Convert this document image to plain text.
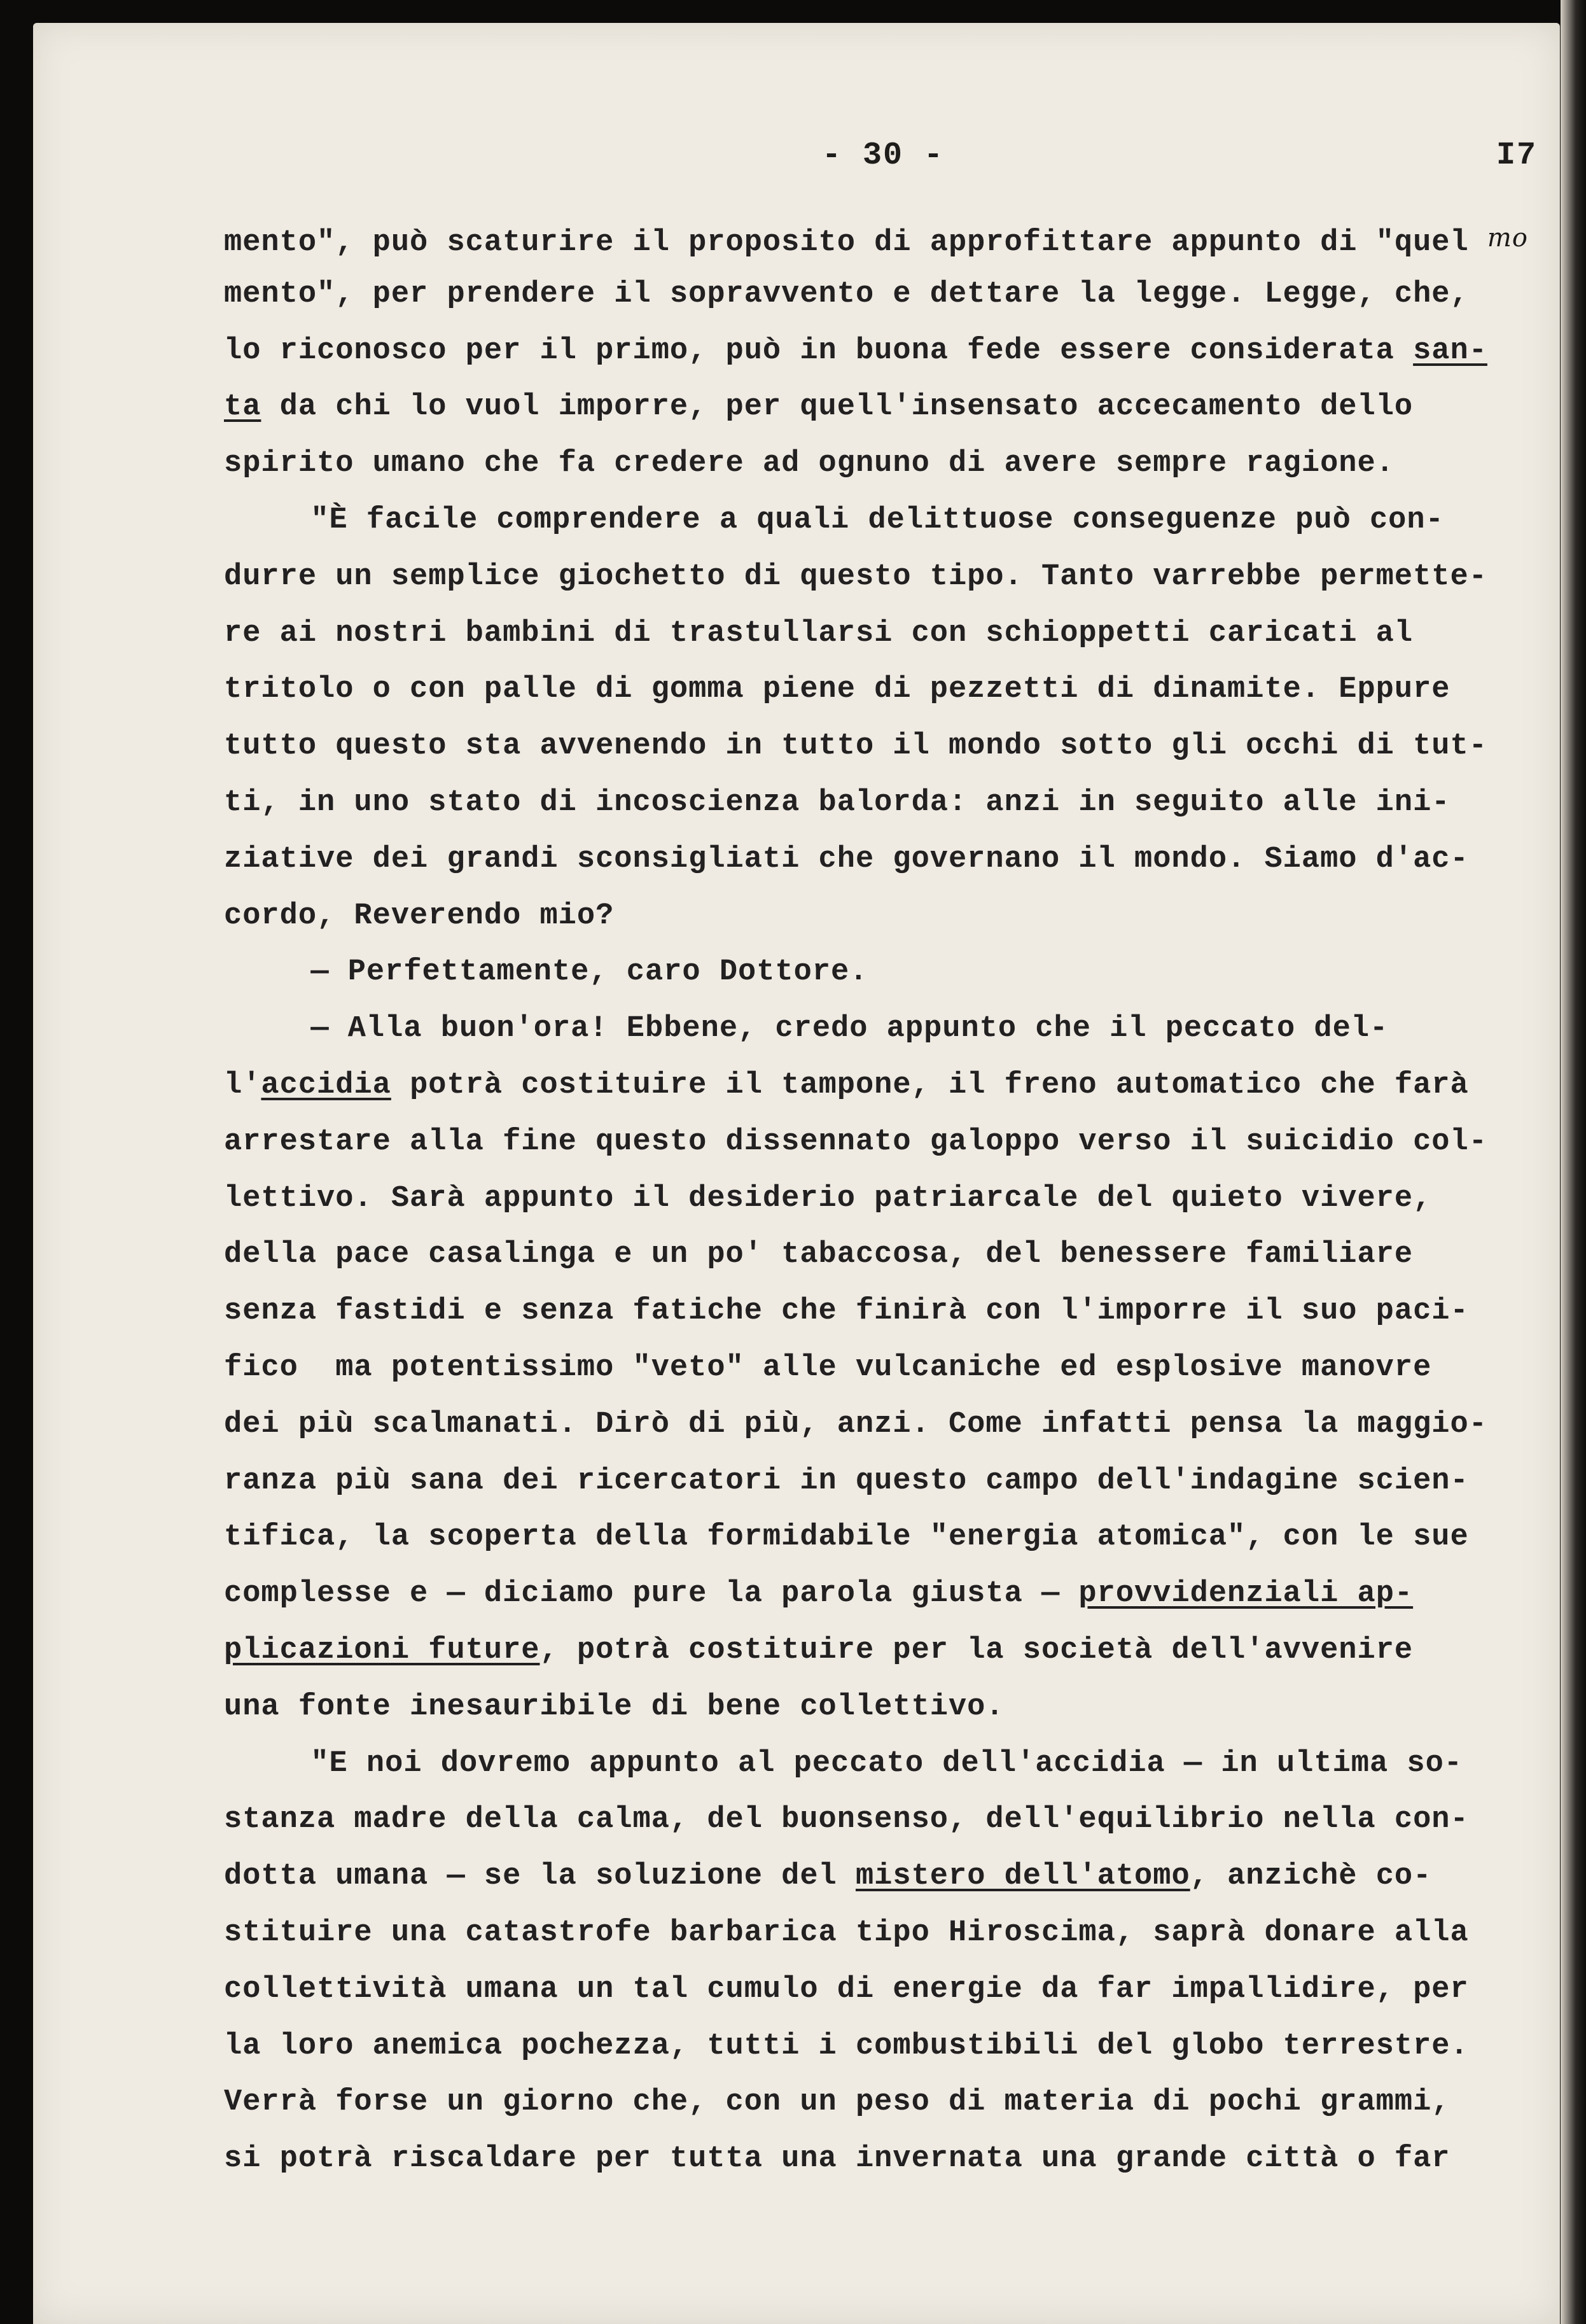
- 30 -	I7
mento", può scaturire il proposito di approfittare appunto di "quel mo
mento", per prendere il sopravvento e dettare la legge. Legge, che,
lo riconosco per il primo, può in buona fede essere considerata san-
ta da chi lo vuol imporre, per quell'insensato accecamento dello
spirito umano che fa credere ad ognuno di avere sempre ragione.
"È facile comprendere a quali delittuose conseguenze può con-
durre un semplice giochetto di questo tipo. Tanto varrebbe permette-
re ai nostri bambini di trastullarsi con schioppetti caricati al
tritolo o con palle di gomma piene di pezzetti di dinamite. Eppure
tutto questo sta avvenendo in tutto il mondo sotto gli occhi di tut-
ti, in uno stato di incoscienza balorda: anzi in seguito alle ini-
ziative dei grandi sconsigliati che governano il mondo. Siamo d'ac-
cordo, Reverendo mio?
— Perfettamente, caro Dottore.
— Alla buon'ora! Ebbene, credo appunto che il peccato del-
l'accidia potrà costituire il tampone, il freno automatico che farà
arrestare alla fine questo dissennato galoppo verso il suicidio col-
lettivo. Sarà appunto il desiderio patriarcale del quieto vivere,
della pace casalinga e un po' tabaccosa, del benessere familiare
senza fastidi e senza fatiche che finirà con l'imporre il suo paci-
fico  ma potentissimo "veto" alle vulcaniche ed esplosive manovre
dei più scalmanati. Dirò di più, anzi. Come infatti pensa la maggio-
ranza più sana dei ricercatori in questo campo dell'indagine scien-
tifica, la scoperta della formidabile "energia atomica", con le sue
complesse e — diciamo pure la parola giusta — provvidenziali ap-
plicazioni future, potrà costituire per la società dell'avvenire
una fonte inesauribile di bene collettivo.
"E noi dovremo appunto al peccato dell'accidia — in ultima so-
stanza madre della calma, del buonsenso, dell'equilibrio nella con-
dotta umana — se la soluzione del mistero dell'atomo, anzichè co-
stituire una catastrofe barbarica tipo Hiroscima, saprà donare alla
collettività umana un tal cumulo di energie da far impallidire, per
la loro anemica pochezza, tutti i combustibili del globo terrestre.
Verrà forse un giorno che, con un peso di materia di pochi grammi,
si potrà riscaldare per tutta una invernata una grande città o far
